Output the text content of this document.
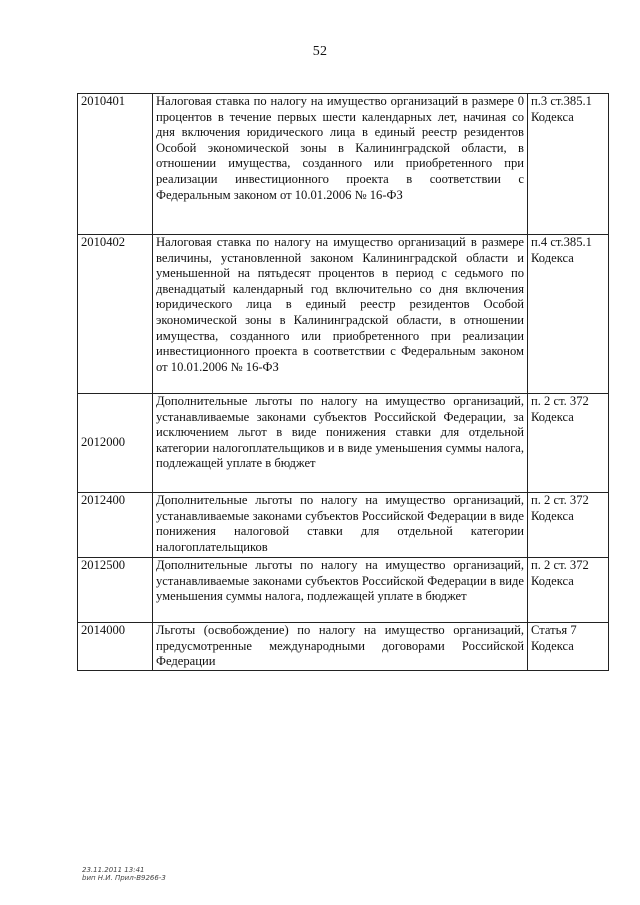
52
2010401	Налоговая ставка по налогу на имущество организаций в размере 0 процентов в течение первых шести календарных лет, начиная со дня включения юридического лица в единый реестр резидентов Особой экономической зоны в Калининградской области, в отношении имущества, созданного или приобретенного при реализации инвестиционного проекта в соответствии с Федеральным законом от 10.01.2006 № 16-ФЗ	п.3 ст.385.1 Кодекса
2010402	Налоговая ставка по налогу на имущество организаций в размере величины, установленной законом Калининградской области и уменьшенной на пятьдесят процентов в период с седьмого по двенадцатый календарный год включительно со дня включения юридического лица в единый реестр резидентов Особой экономической зоны в Калининградской области, в отношении имущества, созданного или приобретенного при реализации инвестиционного проекта в соответствии с Федеральным законом от 10.01.2006 № 16-ФЗ	п.4 ст.385.1 Кодекса
2012000	Дополнительные льготы по налогу на имущество организаций, устанавливаемые законами субъектов Российской Федерации, за исключением льгот в виде понижения ставки для отдельной категории налогоплательщиков и в виде уменьшения суммы налога, подлежащей уплате в бюджет	п. 2 ст. 372 Кодекса
2012400	Дополнительные льготы по налогу на имущество организаций, устанавливаемые законами субъектов Российской Федерации в виде понижения налоговой ставки для отдельной категории налогоплательщиков	п. 2 ст. 372 Кодекса
2012500	Дополнительные льготы по налогу на имущество организаций, устанавливаемые законами субъектов Российской Федерации в виде уменьшения суммы налога, подлежащей уплате в бюджет	п. 2 ст. 372 Кодекса
2014000	Льготы (освобождение) по налогу на имущество организаций, предусмотренные международными договорами Российской Федерации	Статья 7 Кодекса
23.11.2011 13:41
bип Н.И. Прил-В9266-3
